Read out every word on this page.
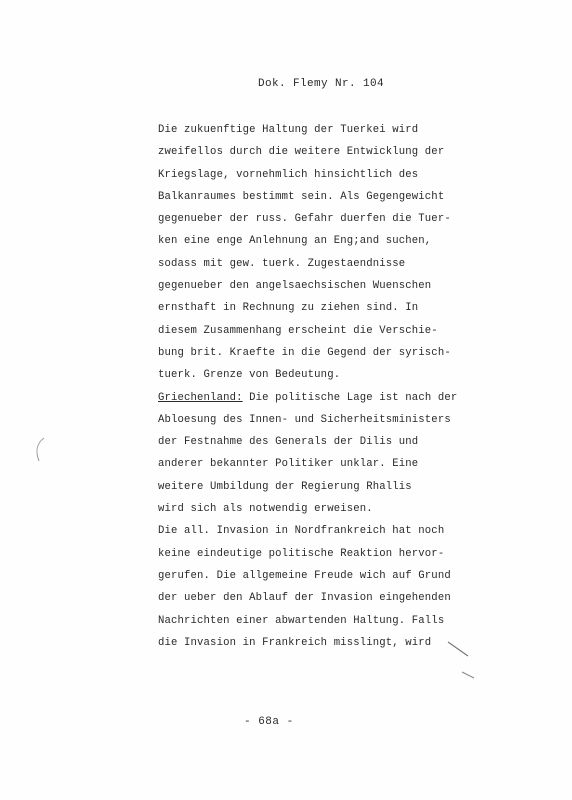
Dok. Flemy Nr. 104
Die zukuenftige Haltung der Tuerkei wird
zweifellos durch die weitere Entwicklung der
Kriegslage, vornehmlich hinsichtlich des
Balkanraumes bestimmt sein. Als Gegengewicht
gegenueber der russ. Gefahr duerfen die Tuer-
ken eine enge Anlehnung an Eng;and suchen,
sodass mit gew. tuerk. Zugestaendnisse
gegenueber den angelsaechsischen Wuenschen
ernsthaft in Rechnung zu ziehen sind. In
diesem Zusammenhang erscheint die Verschie-
bung brit. Kraefte in die Gegend der syrisch-
tuerk. Grenze von Bedeutung.
Griechenland: Die politische Lage ist nach der
Abloesung des Innen- und Sicherheitsministers
der Festnahme des Generals der Dilis und
anderer bekannter Politiker unklar. Eine
weitere Umbildung der Regierung Rhallis
wird sich als notwendig erweisen.
Die all. Invasion in Nordfrankreich hat noch
keine eindeutige politische Reaktion hervor-
gerufen. Die allgemeine Freude wich auf Grund
der ueber den Ablauf der Invasion eingehenden
Nachrichten einer abwartenden Haltung. Falls
die Invasion in Frankreich misslingt, wird
- 68a -
